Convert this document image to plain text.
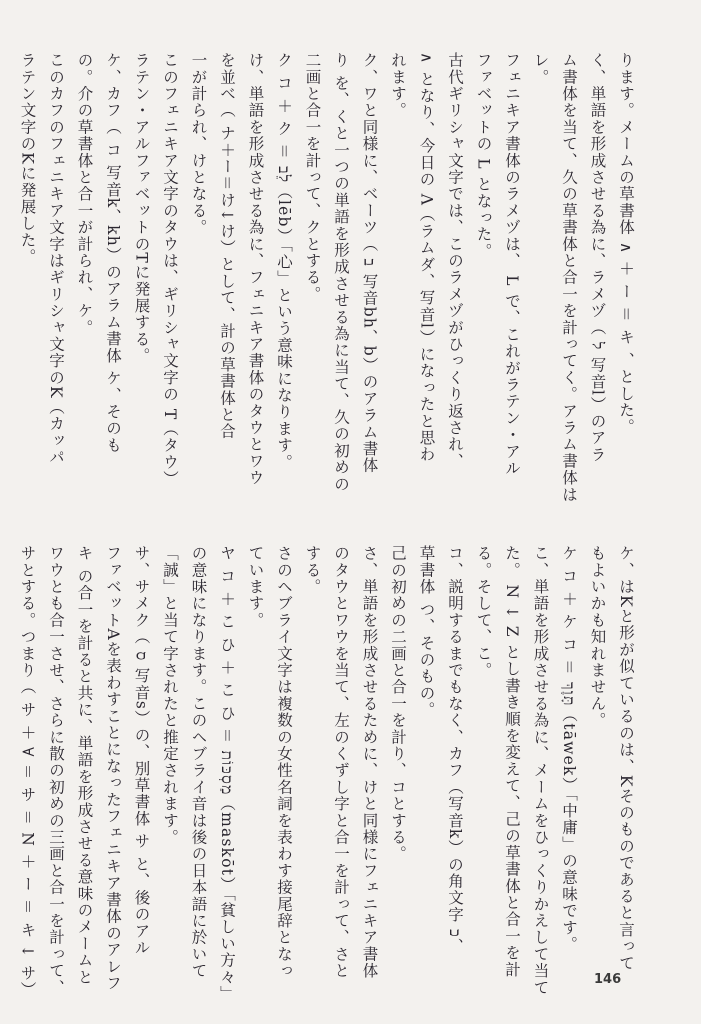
ります。メームの草書体 ∧ ＋ ー ＝ キ 、とした。
く、単語を形成させる為に、ラメヅ（ ל 写音l）のアラ
ム書体を当て、久の草書体と合一を計ってく。アラム書体は
レ。
フェニキア書体のラメヅは、 L で、これがラテン・アル
ファベットの L となった。
古代ギリシャ文字では、このラメヅがひっくり返され、
∧ となり、今日の Λ（ラムダ、写音l）になったと思わ
れます。
ク、ワと同様に、ベーツ（ ב 写音bh、b）のアラム書体
り を、くと一つの単語を形成させる為に当て、久の初めの
二画と合一を計って、クとする。
ク コ ＋ ク ＝ לֵב（lēb）「心」という意味になります。
け、単語を形成させる為に、フェニキア書体のタウとワウ
を並べ（ ナ＋ー＝け↓け）として、計の草書体と合
一が計られ、けとなる。
このフェニキア文字のタウは、ギリシャ文字の T（タウ）
ラテン・アルファベットのTに発展する。
ケ、カフ（ コ 写音k、kh）のアラム書体 ケ、そのも
の。介の草書体と合一が計られ、ケ。
このカフのフェニキア文字はギリシャ文字のK（カッパ
ラテン文字のKに発展した。
ケ、はKと形が似ているのは、Kそのものであると言って
もよいかも知れません。
ケ コ ＋ ケ コ ＝ תָּוֶךְ（tāwek）「中庸」の意味です。
こ、単語を形成させる為に、メームをひっくりかえして当て
た。 Ν ↓ Ζ とし書き順を変えて、己の草書体と合一を計
る。そして、こ。
コ、説明するまでもなく、カフ（写音k）の角文字 כ、
草書体 つ、そのもの。
己の初めの二画と合一を計り、コとする。
さ、単語を形成させるために、けと同様にフェニキア書体
のタウとワウを当て、左のくずし字と合一を計って、さと
する。
さのヘブライ文字は複数の女性名詞を表わす接尾辞となっ
ています。
ヤ コ ＋ こ ひ ＋ こ ひ ＝ מַסְכּוֹת（maskōt）「貧しい方々」
の意味になります。このヘブライ音は後の日本語に於いて
「誠」と当て字されたと推定されます。
サ、サメク（ ס 写音s）の、別草書体 サ と、後のアル
ファベットAを表わすことになったフェニキア書体のアレフ
キ の合一を計ると共に、単語を形成させる意味のメームと
ワウとも合一させ、さらに散の初めの三画と合一を計って、
サとする。つまり（ サ ＋ ∀ ＝ サ ＝ Ν ＋ ー ＝ キ ↓ サ）	146
